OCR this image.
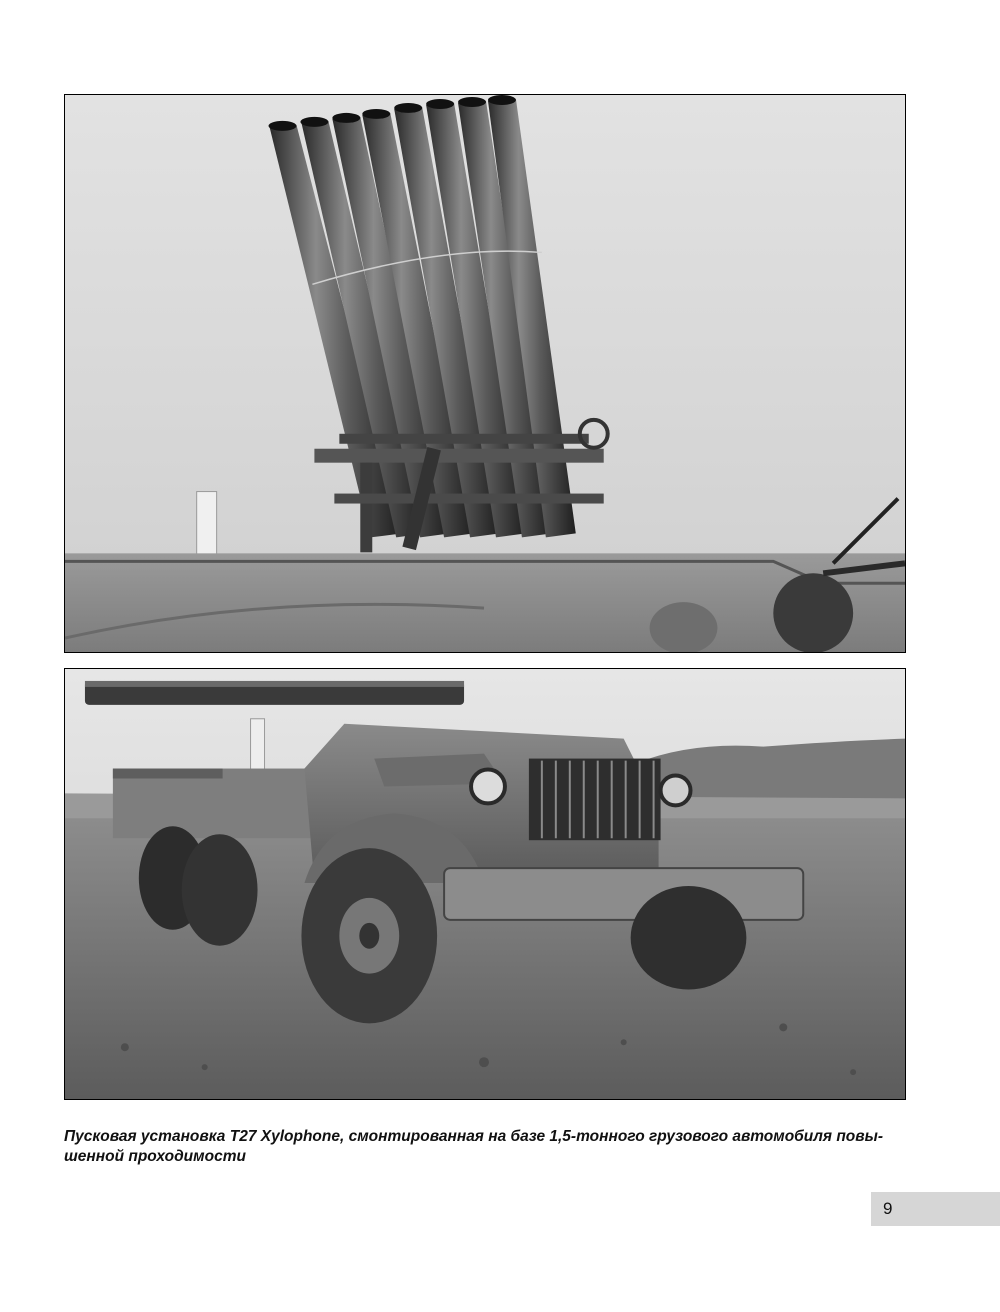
Пусковая установка T27 Xylophone, смонтированная на базе 1,5-тонного грузового автомобиля повы-шенной проходимости

9
